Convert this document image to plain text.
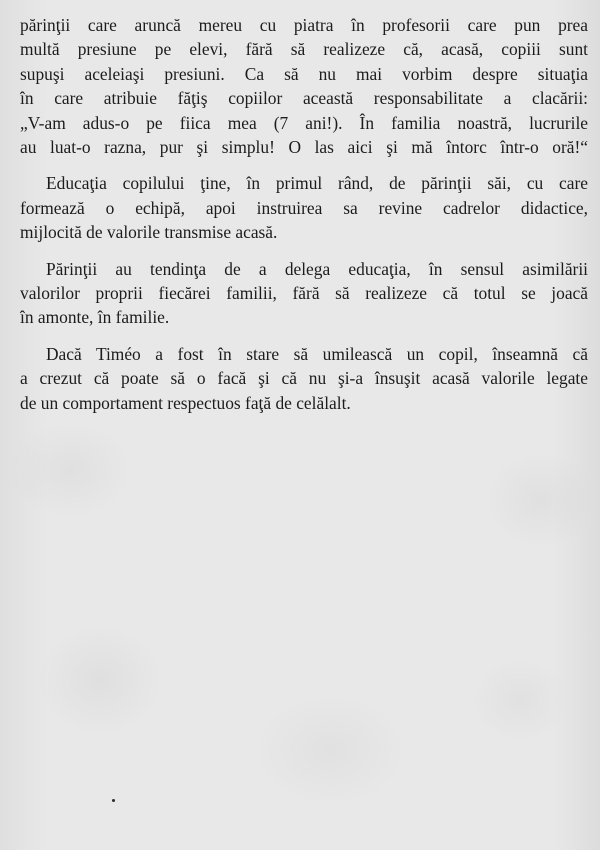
părinţii care aruncă mereu cu piatra în profesorii care pun prea
multă presiune pe elevi, fără să realizeze că, acasă, copiii sunt
supuşi aceleiaşi presiuni. Ca să nu mai vorbim despre situaţia
în care atribuie făţiş copiilor această responsabilitate a clacării:
„V-am adus-o pe fiica mea (7 ani!). În familia noastră, lucrurile
au luat-o razna, pur şi simplu! O las aici şi mă întorc într-o oră!“
Educaţia copilului ţine, în primul rând, de părinţii săi, cu care
formează o echipă, apoi instruirea sa revine cadrelor didactice,
mijlocită de valorile transmise acasă.
Părinţii au tendinţa de a delega educaţia, în sensul asimilării
valorilor proprii fiecărei familii, fără să realizeze că totul se joacă
în amonte, în familie.
Dacă Timéo a fost în stare să umilească un copil, înseamnă că
a crezut că poate să o facă şi că nu şi-a însuşit acasă valorile legate
de un comportament respectuos faţă de celălalt.
